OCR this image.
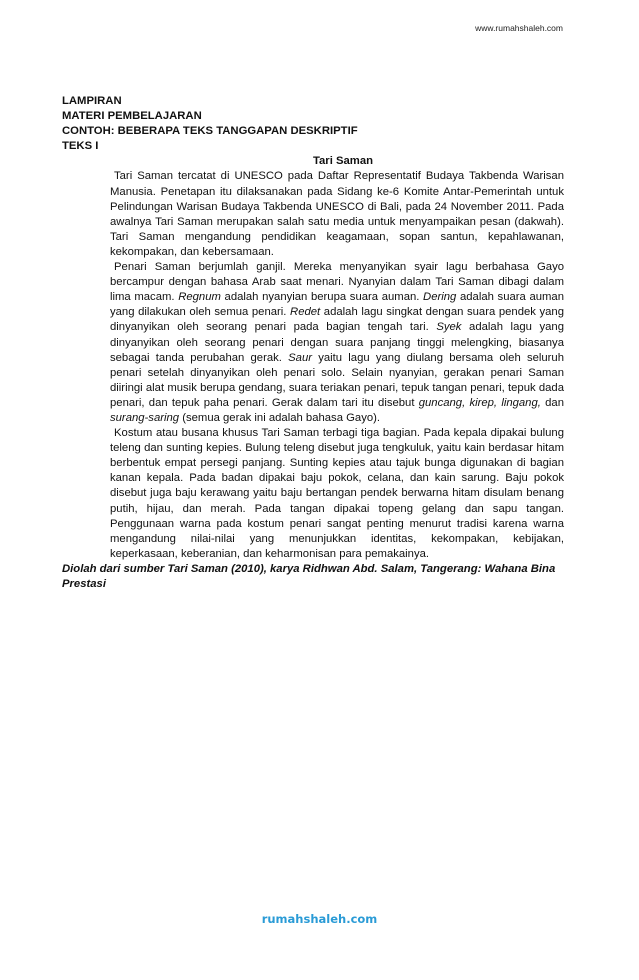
www.rumahshaleh.com
LAMPIRAN
MATERI PEMBELAJARAN
CONTOH: BEBERAPA TEKS TANGGAPAN DESKRIPTIF
TEKS I
Tari Saman

Tari Saman tercatat di UNESCO pada Daftar Representatif Budaya Takbenda Warisan Manusia. Penetapan itu dilaksanakan pada Sidang ke-6 Komite Antar-Pemerintah untuk Pelindungan Warisan Budaya Takbenda UNESCO di Bali, pada 24 November 2011. Pada awalnya Tari Saman merupakan salah satu media untuk menyampaikan pesan (dakwah). Tari Saman mengandung pendidikan keagamaan, sopan santun, kepahlawanan, kekompakan, dan kebersamaan.

Penari Saman berjumlah ganjil. Mereka menyanyikan syair lagu berbahasa Gayo bercampur dengan bahasa Arab saat menari. Nyanyian dalam Tari Saman dibagi dalam lima macam. Regnum adalah nyanyian berupa suara auman. Dering adalah suara auman yang dilakukan oleh semua penari. Redet adalah lagu singkat dengan suara pendek yang dinyanyikan oleh seorang penari pada bagian tengah tari. Syek adalah lagu yang dinyanyikan oleh seorang penari dengan suara panjang tinggi melengking, biasanya sebagai tanda perubahan gerak. Saur yaitu lagu yang diulang bersama oleh seluruh penari setelah dinyanyikan oleh penari solo. Selain nyanyian, gerakan penari Saman diiringi alat musik berupa gendang, suara teriakan penari, tepuk tangan penari, tepuk dada penari, dan tepuk paha penari. Gerak dalam tari itu disebut guncang, kirep, lingang, dan surang-saring (semua gerak ini adalah bahasa Gayo).

Kostum atau busana khusus Tari Saman terbagi tiga bagian. Pada kepala dipakai bulung teleng dan sunting kepies. Bulung teleng disebut juga tengkuluk, yaitu kain berdasar hitam berbentuk empat persegi panjang. Sunting kepies atau tajuk bunga digunakan di bagian kanan kepala. Pada badan dipakai baju pokok, celana, dan kain sarung. Baju pokok disebut juga baju kerawang yaitu baju bertangan pendek berwarna hitam disulam benang putih, hijau, dan merah. Pada tangan dipakai topeng gelang dan sapu tangan. Penggunaan warna pada kostum penari sangat penting menurut tradisi karena warna mengandung nilai-nilai yang menunjukkan identitas, kekompakan, kebijakan, keperkasaan, keberanian, dan keharmonisan para pemakainya.

Diolah dari sumber Tari Saman (2010), karya Ridhwan Abd. Salam, Tangerang: Wahana Bina Prestasi
rumahshaleh.com
